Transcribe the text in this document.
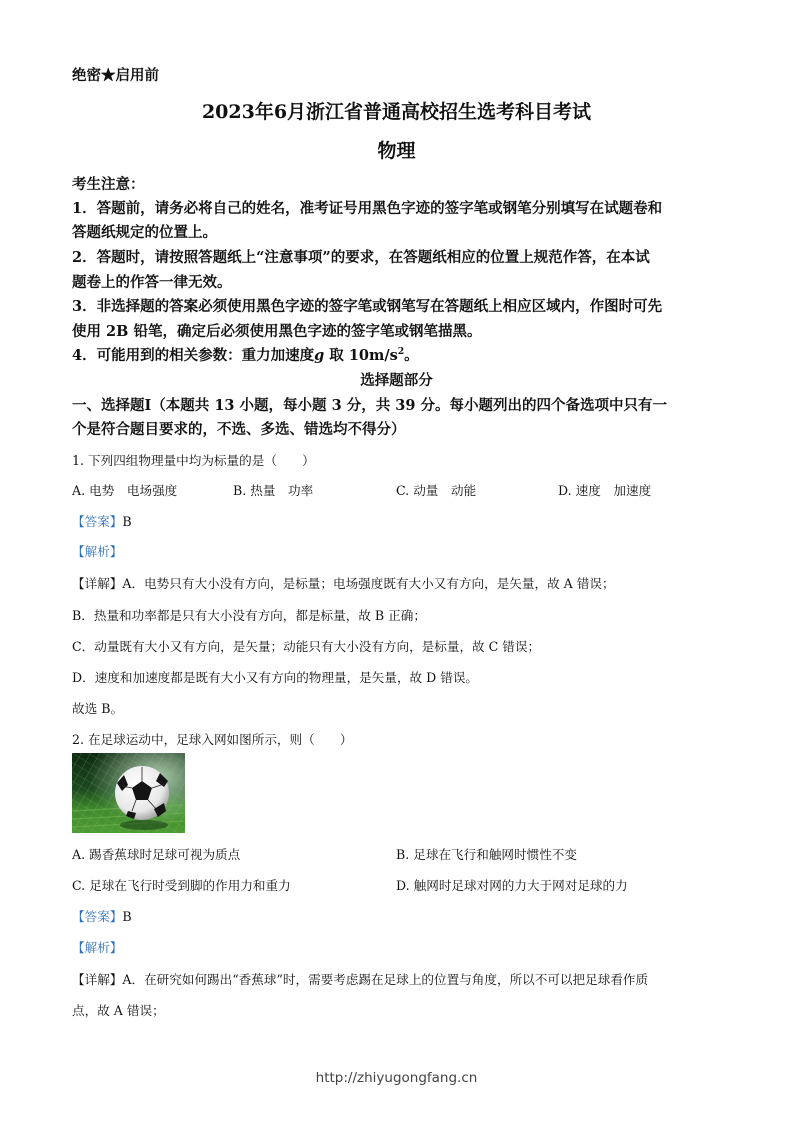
绝密★启用前
2023年6月浙江省普通高校招生选考科目考试
物理
考生注意：
1．答题前，请务必将自己的姓名，准考证号用黑色字迹的签字笔或钢笔分别填写在试题卷和
答题纸规定的位置上。
2．答题时，请按照答题纸上“注意事项”的要求，在答题纸相应的位置上规范作答，在本试
题卷上的作答一律无效。
3．非选择题的答案必须使用黑色字迹的签字笔或钢笔写在答题纸上相应区域内，作图时可先
使用 2B 铅笔，确定后必须使用黑色字迹的签字笔或钢笔描黑。
4．可能用到的相关参数：重力加速度g 取 $10m/s^2$。
选择题部分
一、选择题Ⅰ（本题共 13 小题，每小题 3 分，共 39 分。每小题列出的四个备选项中只有一
个是符合题目要求的，不选、多选、错选均不得分）
1. 下列四组物理量中均为标量的是（　　）
A. 电势　电场强度	B. 热量　功率	C. 动量　动能	D. 速度　加速度
【答案】B
【解析】
【详解】A．电势只有大小没有方向，是标量；电场强度既有大小又有方向，是矢量，故 A 错误；
B．热量和功率都是只有大小没有方向，都是标量，故 B 正确；
C．动量既有大小又有方向，是矢量；动能只有大小没有方向，是标量，故 C 错误；
D．速度和加速度都是既有大小又有方向的物理量，是矢量，故 D 错误。
故选 B。
2. 在足球运动中，足球入网如图所示，则（　　）
A. 踢香蕉球时足球可视为质点	B. 足球在飞行和触网时惯性不变
C. 足球在飞行时受到脚的作用力和重力	D. 触网时足球对网的力大于网对足球的力
【答案】B
【解析】
【详解】A．在研究如何踢出“香蕉球”时，需要考虑踢在足球上的位置与角度，所以不可以把足球看作质
点，故 A 错误；
http://zhiyugongfang.cn
